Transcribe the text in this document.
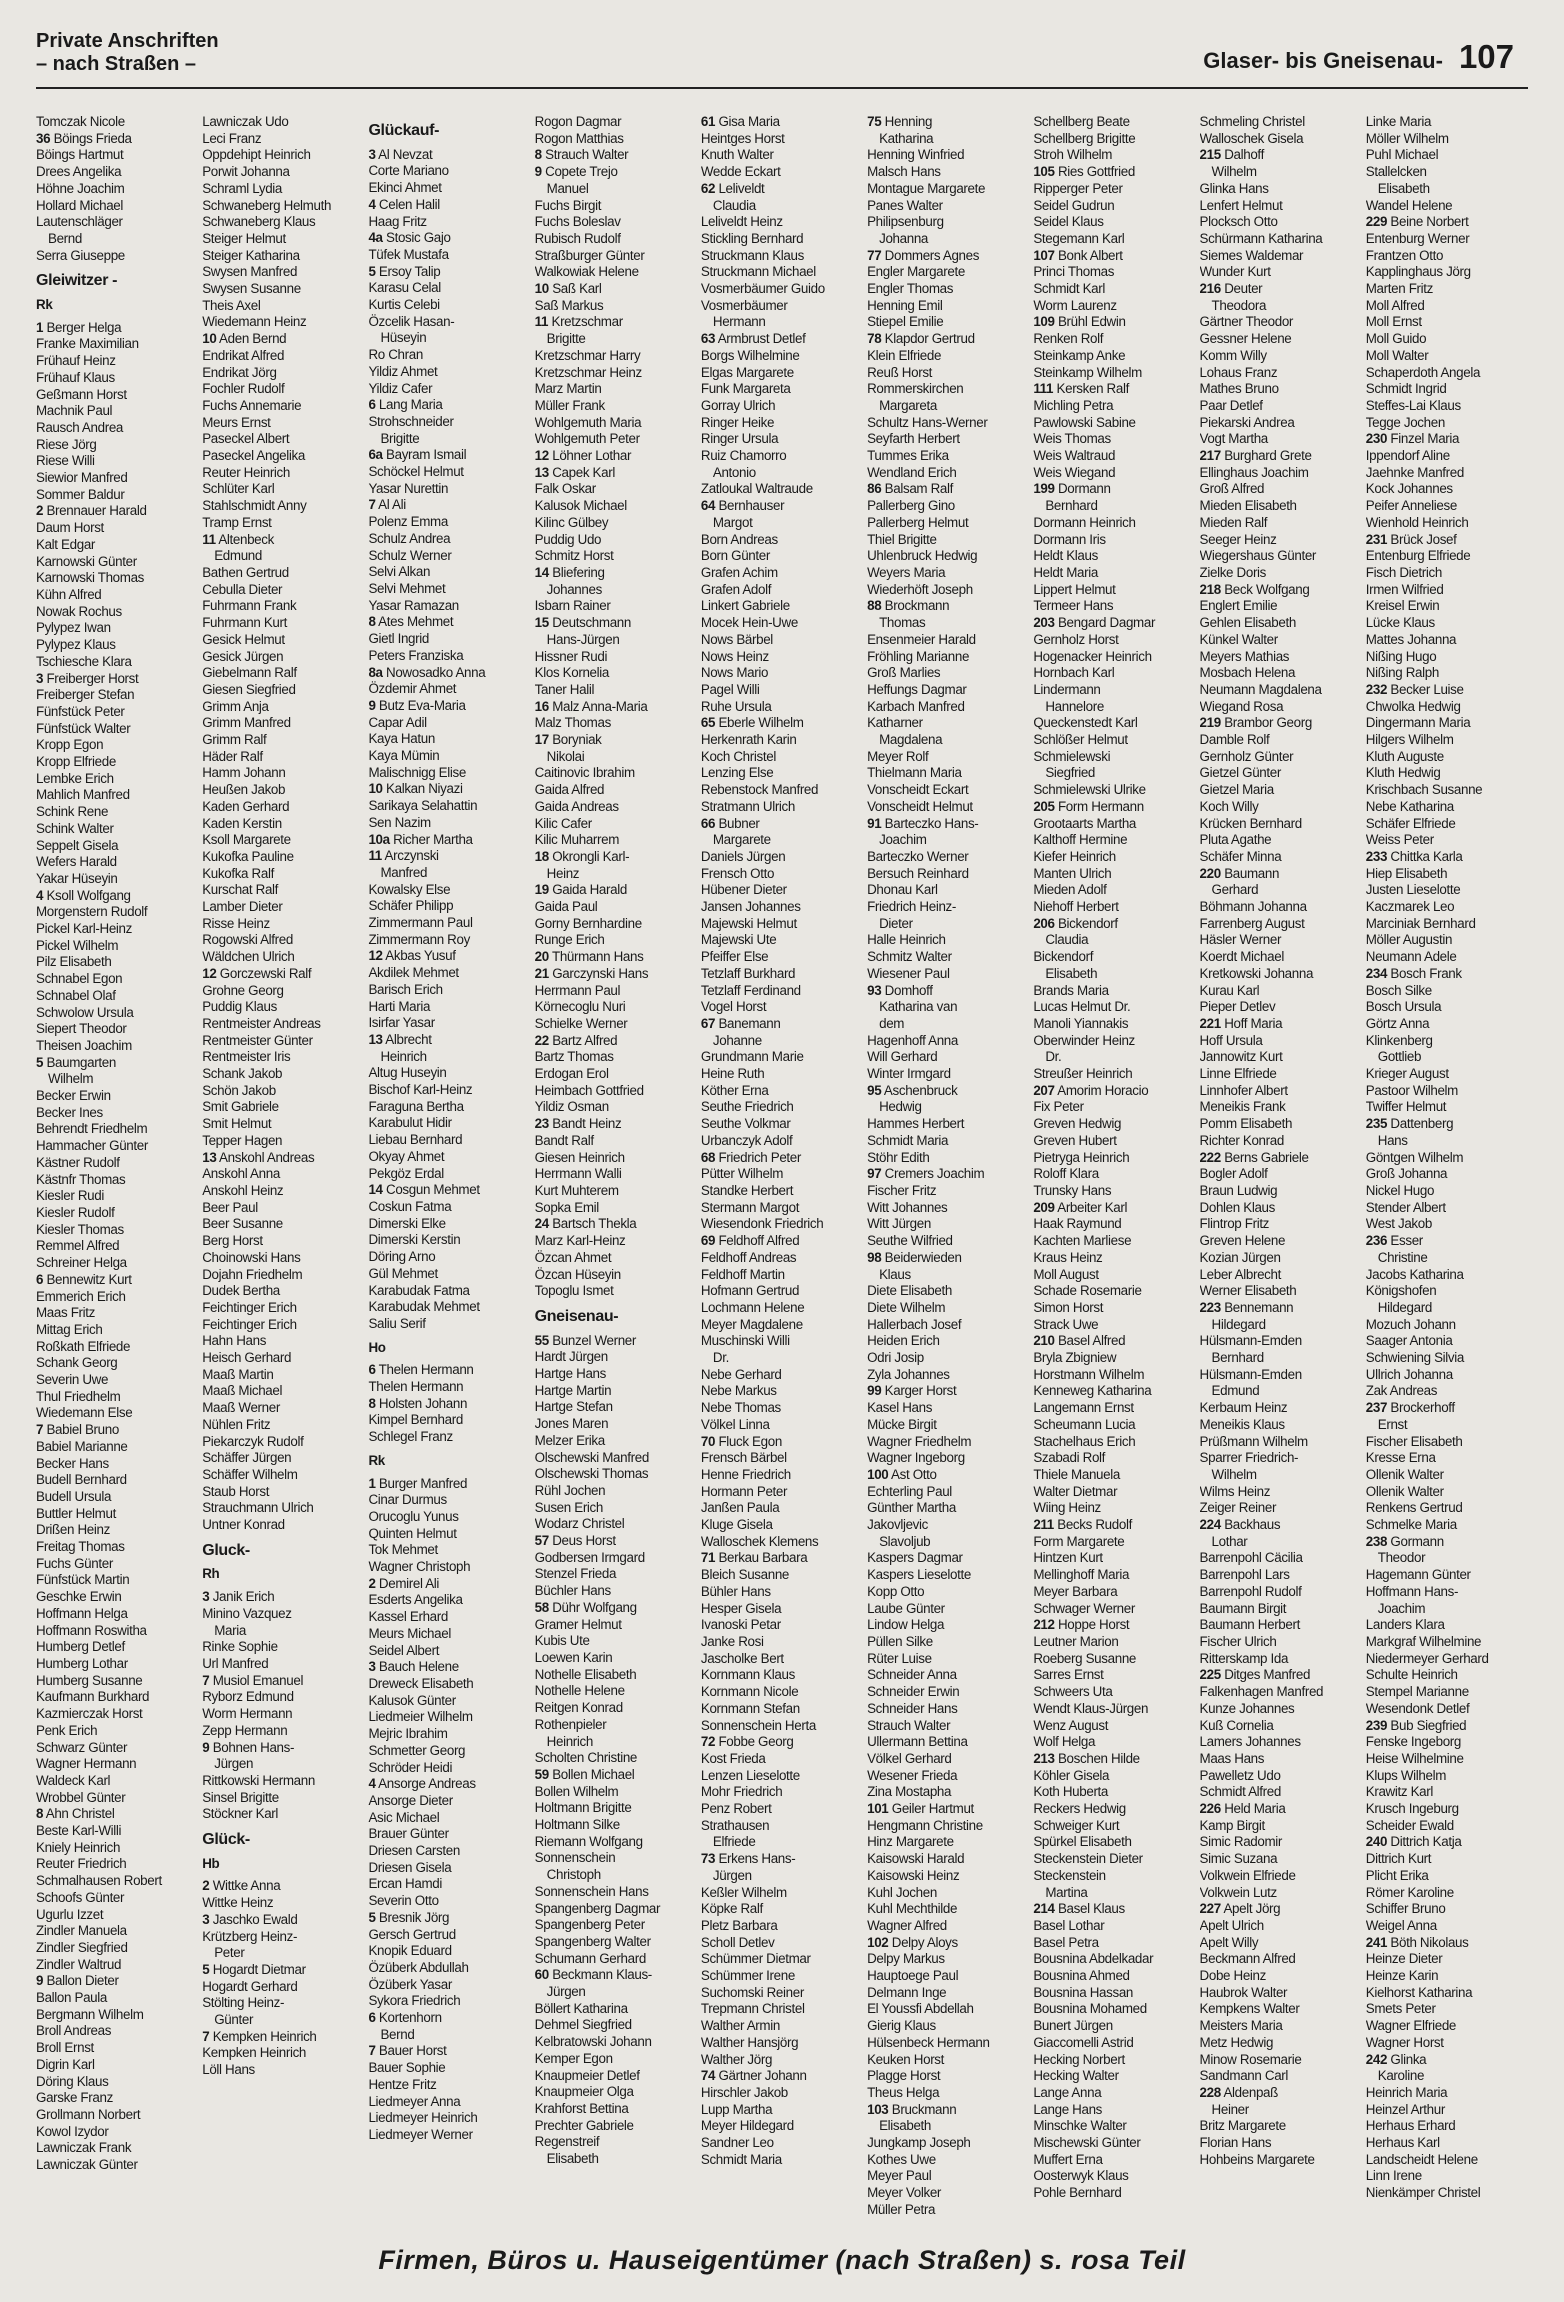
Private Anschriften
– nach Straßen –	Glaser- bis Gneisenau- 107
Tomczak Nicole
36 Böings Frieda
Böings Hartmut
Drees Angelika
Höhne Joachim
Hollard Michael
Lautenschläger
Bernd
Serra Giuseppe
Gleiwitzer -
Rk
1 Berger Helga
Franke Maximilian
Frühauf Heinz
Frühauf Klaus
Geßmann Horst
Machnik Paul
Rausch Andrea
Riese Jörg
Riese Willi
Siewior Manfred
Sommer Baldur
2 Brennauer Harald
Daum Horst
Kalt Edgar
Karnowski Günter
Karnowski Thomas
Kühn Alfred
Nowak Rochus
Pylypez Iwan
Pylypez Klaus
Tschiesche Klara
3 Freiberger Horst
Freiberger Stefan
Fünfstück Peter
Fünfstück Walter
Kropp Egon
Kropp Elfriede
Lembke Erich
Mahlich Manfred
Schink Rene
Schink Walter
Seppelt Gisela
Wefers Harald
Yakar Hüseyin
4 Ksoll Wolfgang
Morgenstern Rudolf
Pickel Karl-Heinz
Pickel Wilhelm
Pilz Elisabeth
Schnabel Egon
Schnabel Olaf
Schwolow Ursula
Siepert Theodor
Theisen Joachim
5 Baumgarten
Wilhelm
Becker Erwin
Becker Ines
Behrendt Friedhelm
Hammacher Günter
Kästner Rudolf
Kästnfr Thomas
Kiesler Rudi
Kiesler Rudolf
Kiesler Thomas
Remmel Alfred
Schreiner Helga
6 Bennewitz Kurt
Emmerich Erich
Maas Fritz
Mittag Erich
Roßkath Elfriede
Schank Georg
Severin Uwe
Thul Friedhelm
Wiedemann Else
7 Babiel Bruno
Babiel Marianne
Becker Hans
Budell Bernhard
Budell Ursula
Buttler Helmut
Drißen Heinz
Freitag Thomas
Fuchs Günter
Fünfstück Martin
Geschke Erwin
Hoffmann Helga
Hoffmann Roswitha
Humberg Detlef
Humberg Lothar
Humberg Susanne
Kaufmann Burkhard
Kazmierczak Horst
Penk Erich
Schwarz Günter
Wagner Hermann
Waldeck Karl
Wrobbel Günter
8 Ahn Christel
Beste Karl-Willi
Kniely Heinrich
Reuter Friedrich
Schmalhausen Robert
Schoofs Günter
Ugurlu Izzet
Zindler Manuela
Zindler Siegfried
Zindler Waltrud
9 Ballon Dieter
Ballon Paula
Bergmann Wilhelm
Broll Andreas
Broll Ernst
Digrin Karl
Döring Klaus
Garske Franz
Grollmann Norbert
Kowol Izydor
Lawniczak Frank
Lawniczak Günter
Lawniczak Udo
Leci Franz
Oppdehipt Heinrich
Porwit Johanna
Schraml Lydia
Schwaneberg Helmuth
Schwaneberg Klaus
Steiger Helmut
Steiger Katharina
Swysen Manfred
Swysen Susanne
Theis Axel
Wiedemann Heinz
10 Aden Bernd
Endrikat Alfred
Endrikat Jörg
Fochler Rudolf
Fuchs Annemarie
Meurs Ernst
Paseckel Albert
Paseckel Angelika
Reuter Heinrich
Schlüter Karl
Stahlschmidt Anny
Tramp Ernst
11 Altenbeck
Edmund
Bathen Gertrud
Cebulla Dieter
Fuhrmann Frank
Fuhrmann Kurt
Gesick Helmut
Gesick Jürgen
Giebelmann Ralf
Giesen Siegfried
Grimm Anja
Grimm Manfred
Grimm Ralf
Häder Ralf
Hamm Johann
Heußen Jakob
Kaden Gerhard
Kaden Kerstin
Ksoll Margarete
Kukofka Pauline
Kukofka Ralf
Kurschat Ralf
Lamber Dieter
Risse Heinz
Rogowski Alfred
Wäldchen Ulrich
12 Gorczewski Ralf
Grohne Georg
Puddig Klaus
Rentmeister Andreas
Rentmeister Günter
Rentmeister Iris
Schank Jakob
Schön Jakob
Smit Gabriele
Smit Helmut
Tepper Hagen
13 Anskohl Andreas
Anskohl Anna
Anskohl Heinz
Beer Paul
Beer Susanne
Berg Horst
Choinowski Hans
Dojahn Friedhelm
Dudek Bertha
Feichtinger Erich
Feichtinger Erich
Hahn Hans
Heisch Gerhard
Maaß Martin
Maaß Michael
Maaß Werner
Nühlen Fritz
Piekarczyk Rudolf
Schäffer Jürgen
Schäffer Wilhelm
Staub Horst
Strauchmann Ulrich
Untner Konrad
Gluck-
Rh
3 Janik Erich
Minino Vazquez
Maria
Rinke Sophie
Url Manfred
7 Musiol Emanuel
Ryborz Edmund
Worm Hermann
Zepp Hermann
9 Bohnen Hans-
Jürgen
Rittkowski Hermann
Sinsel Brigitte
Stöckner Karl
Glück-
Hb
2 Wittke Anna
Wittke Heinz
3 Jaschko Ewald
Krützberg Heinz-
Peter
5 Hogardt Dietmar
Hogardt Gerhard
Stölting Heinz-
Günter
7 Kempken Heinrich
Kempken Heinrich
Löll Hans
Glückauf-
3 Al Nevzat
Corte Mariano
Ekinci Ahmet
4 Celen Halil
Haag Fritz
4a Stosic Gajo
Tüfek Mustafa
5 Ersoy Talip
Karasu Celal
Kurtis Celebi
Özcelik Hasan-
Hüseyin
Ro Chran
Yildiz Ahmet
Yildiz Cafer
6 Lang Maria
Strohschneider
Brigitte
6a Bayram Ismail
Schöckel Helmut
Yasar Nurettin
7 Al Ali
Polenz Emma
Schulz Andrea
Schulz Werner
Selvi Alkan
Selvi Mehmet
Yasar Ramazan
8 Ates Mehmet
Gietl Ingrid
Peters Franziska
8a Nowosadko Anna
Özdemir Ahmet
9 Butz Eva-Maria
Capar Adil
Kaya Hatun
Kaya Mümin
Malischnigg Elise
10 Kalkan Niyazi
Sarikaya Selahattin
Sen Nazim
10a Richer Martha
11 Arczynski
Manfred
Kowalsky Else
Schäfer Philipp
Zimmermann Paul
Zimmermann Roy
12 Akbas Yusuf
Akdilek Mehmet
Barisch Erich
Harti Maria
Isirfar Yasar
13 Albrecht
Heinrich
Altug Huseyin
Bischof Karl-Heinz
Faraguna Bertha
Karabulut Hidir
Liebau Bernhard
Okyay Ahmet
Pekgöz Erdal
14 Cosgun Mehmet
Coskun Fatma
Dimerski Elke
Dimerski Kerstin
Döring Arno
Gül Mehmet
Karabudak Fatma
Karabudak Mehmet
Saliu Serif
Ho
6 Thelen Hermann
Thelen Hermann
8 Holsten Johann
Kimpel Bernhard
Schlegel Franz
Rk
1 Burger Manfred
Cinar Durmus
Orucoglu Yunus
Quinten Helmut
Tok Mehmet
Wagner Christoph
2 Demirel Ali
Esderts Angelika
Kassel Erhard
Meurs Michael
Seidel Albert
3 Bauch Helene
Dreweck Elisabeth
Kalusok Günter
Liedmeier Wilhelm
Mejric Ibrahim
Schmetter Georg
Schröder Heidi
4 Ansorge Andreas
Ansorge Dieter
Asic Michael
Brauer Günter
Driesen Carsten
Driesen Gisela
Ercan Hamdi
Severin Otto
5 Bresnik Jörg
Gersch Gertrud
Knopik Eduard
Özüberk Abdullah
Özüberk Yasar
Sykora Friedrich
6 Kortenhorn
Bernd
7 Bauer Horst
Bauer Sophie
Hentze Fritz
Liedmeyer Anna
Liedmeyer Heinrich
Liedmeyer Werner
Rogon Dagmar
Rogon Matthias
8 Strauch Walter
9 Copete Trejo
Manuel
Fuchs Birgit
Fuchs Boleslav
Rubisch Rudolf
Straßburger Günter
Walkowiak Helene
10 Saß Karl
Saß Markus
11 Kretzschmar
Brigitte
Kretzschmar Harry
Kretzschmar Heinz
Marz Martin
Müller Frank
Wohlgemuth Maria
Wohlgemuth Peter
12 Löhner Lothar
13 Capek Karl
Falk Oskar
Kalusok Michael
Kilinc Gülbey
Puddig Udo
Schmitz Horst
14 Bliefering
Johannes
Isbarn Rainer
15 Deutschmann
Hans-Jürgen
Hissner Rudi
Klos Kornelia
Taner Halil
16 Malz Anna-Maria
Malz Thomas
17 Boryniak
Nikolai
Caitinovic Ibrahim
Gaida Alfred
Gaida Andreas
Kilic Cafer
Kilic Muharrem
18 Okrongli Karl-
Heinz
19 Gaida Harald
Gaida Paul
Gorny Bernhardine
Runge Erich
20 Thürmann Hans
21 Garczynski Hans
Herrmann Paul
Körnecoglu Nuri
Schielke Werner
22 Bartz Alfred
Bartz Thomas
Erdogan Erol
Heimbach Gottfried
Yildiz Osman
23 Bandt Heinz
Bandt Ralf
Giesen Heinrich
Herrmann Walli
Kurt Muhterem
Sopka Emil
24 Bartsch Thekla
Marz Karl-Heinz
Özcan Ahmet
Özcan Hüseyin
Topoglu Ismet
Gneisenau-
55 Bunzel Werner
Hardt Jürgen
Hartge Hans
Hartge Martin
Hartge Stefan
Jones Maren
Melzer Erika
Olschewski Manfred
Olschewski Thomas
Rühl Jochen
Susen Erich
Wodarz Christel
57 Deus Horst
Godbersen Irmgard
Stenzel Frieda
Büchler Hans
58 Dühr Wolfgang
Gramer Helmut
Kubis Ute
Loewen Karin
Nothelle Elisabeth
Nothelle Helene
Reitgen Konrad
Rothenpieler
Heinrich
Scholten Christine
59 Bollen Michael
Bollen Wilhelm
Holtmann Brigitte
Holtmann Silke
Riemann Wolfgang
Sonnenschein
Christoph
Sonnenschein Hans
Spangenberg Dagmar
Spangenberg Peter
Spangenberg Walter
Schumann Gerhard
60 Beckmann Klaus-
Jürgen
Böllert Katharina
Dehmel Siegfried
Kelbratowski Johann
Kemper Egon
Knaupmeier Detlef
Knaupmeier Olga
Krahforst Bettina
Prechter Gabriele
Regenstreif
Elisabeth
61 Gisa Maria
Heintges Horst
Knuth Walter
Wedde Eckart
62 Leliveldt
Claudia
Leliveldt Heinz
Stickling Bernhard
Struckmann Klaus
Struckmann Michael
Vosmerbäumer Guido
Vosmerbäumer
Hermann
63 Armbrust Detlef
Borgs Wilhelmine
Elgas Margarete
Funk Margareta
Gorray Ulrich
Ringer Heike
Ringer Ursula
Ruiz Chamorro
Antonio
Zatloukal Waltraude
64 Bernhauser
Margot
Born Andreas
Born Günter
Grafen Achim
Grafen Adolf
Linkert Gabriele
Mocek Hein-Uwe
Nows Bärbel
Nows Heinz
Nows Mario
Pagel Willi
Ruhe Ursula
65 Eberle Wilhelm
Herkenrath Karin
Koch Christel
Lenzing Else
Rebenstock Manfred
Stratmann Ulrich
66 Bubner
Margarete
Daniels Jürgen
Frensch Otto
Hübener Dieter
Jansen Johannes
Majewski Helmut
Majewski Ute
Pfeiffer Else
Tetzlaff Burkhard
Tetzlaff Ferdinand
Vogel Horst
67 Banemann
Johanne
Grundmann Marie
Heine Ruth
Köther Erna
Seuthe Friedrich
Seuthe Volkmar
Urbanczyk Adolf
68 Friedrich Peter
Pütter Wilhelm
Standke Herbert
Stermann Margot
Wiesendonk Friedrich
69 Feldhoff Alfred
Feldhoff Andreas
Feldhoff Martin
Hofmann Gertrud
Lochmann Helene
Meyer Magdalene
Muschinski Willi
Dr.
Nebe Gerhard
Nebe Markus
Nebe Thomas
Völkel Linna
70 Fluck Egon
Frensch Bärbel
Henne Friedrich
Hormann Peter
Janßen Paula
Kluge Gisela
Walloschek Klemens
71 Berkau Barbara
Bleich Susanne
Bühler Hans
Hesper Gisela
Ivanoski Petar
Janke Rosi
Jascholke Bert
Kornmann Klaus
Kornmann Nicole
Kornmann Stefan
Sonnenschein Herta
72 Fobbe Georg
Kost Frieda
Lenzen Lieselotte
Mohr Friedrich
Penz Robert
Strathausen
Elfriede
73 Erkens Hans-
Jürgen
Keßler Wilhelm
Köpke Ralf
Pletz Barbara
Scholl Detlev
Schümmer Dietmar
Schümmer Irene
Suchomski Reiner
Trepmann Christel
Walther Armin
Walther Hansjörg
Walther Jörg
74 Gärtner Johann
Hirschler Jakob
Lupp Martha
Meyer Hildegard
Sandner Leo
Schmidt Maria
75 Henning
Katharina
Henning Winfried
Malsch Hans
Montague Margarete
Panes Walter
Philipsenburg
Johanna
77 Dommers Agnes
Engler Margarete
Engler Thomas
Henning Emil
Stiepel Emilie
78 Klapdor Gertrud
Klein Elfriede
Reuß Horst
Rommerskirchen
Margareta
Schultz Hans-Werner
Seyfarth Herbert
Tummes Erika
Wendland Erich
86 Balsam Ralf
Pallerberg Gino
Pallerberg Helmut
Thiel Brigitte
Uhlenbruck Hedwig
Weyers Maria
Wiederhöft Joseph
88 Brockmann
Thomas
Ensenmeier Harald
Fröhling Marianne
Groß Marlies
Heffungs Dagmar
Karbach Manfred
Katharner
Magdalena
Meyer Rolf
Thielmann Maria
Vonscheidt Eckart
Vonscheidt Helmut
91 Barteczko Hans-
Joachim
Barteczko Werner
Bersuch Reinhard
Dhonau Karl
Friedrich Heinz-
Dieter
Halle Heinrich
Schmitz Walter
Wiesener Paul
93 Domhoff
Katharina van
dem
Hagenhoff Anna
Will Gerhard
Winter Irmgard
95 Aschenbruck
Hedwig
Hammes Herbert
Schmidt Maria
Stöhr Edith
97 Cremers Joachim
Fischer Fritz
Witt Johannes
Witt Jürgen
Seuthe Wilfried
98 Beiderwieden
Klaus
Diete Elisabeth
Diete Wilhelm
Hallerbach Josef
Heiden Erich
Odri Josip
Zyla Johannes
99 Karger Horst
Kasel Hans
Mücke Birgit
Wagner Friedhelm
Wagner Ingeborg
100 Ast Otto
Echterling Paul
Günther Martha
Jakovljevic
Slavoljub
Kaspers Dagmar
Kaspers Lieselotte
Kopp Otto
Laube Günter
Lindow Helga
Püllen Silke
Rüter Luise
Schneider Anna
Schneider Erwin
Schneider Hans
Strauch Walter
Ullermann Bettina
Völkel Gerhard
Wesener Frieda
Zina Mostapha
101 Geiler Hartmut
Hengmann Christine
Hinz Margarete
Kaisowski Harald
Kaisowski Heinz
Kuhl Jochen
Kuhl Mechthilde
Wagner Alfred
102 Delpy Aloys
Delpy Markus
Hauptoege Paul
Delmann Inge
El Youssfi Abdellah
Gierig Klaus
Hülsenbeck Hermann
Keuken Horst
Plagge Horst
Theus Helga
103 Bruckmann
Elisabeth
Jungkamp Joseph
Kothes Uwe
Meyer Paul
Meyer Volker
Müller Petra
Schellberg Beate
Schellberg Brigitte
Stroh Wilhelm
105 Ries Gottfried
Ripperger Peter
Seidel Gudrun
Seidel Klaus
Stegemann Karl
107 Bonk Albert
Princi Thomas
Schmidt Karl
Worm Laurenz
109 Brühl Edwin
Renken Rolf
Steinkamp Anke
Steinkamp Wilhelm
111 Kersken Ralf
Michling Petra
Pawlowski Sabine
Weis Thomas
Weis Waltraud
Weis Wiegand
199 Dormann
Bernhard
Dormann Heinrich
Dormann Iris
Heldt Klaus
Heldt Maria
Lippert Helmut
Termeer Hans
203 Bengard Dagmar
Gernholz Horst
Hogenacker Heinrich
Hornbach Karl
Lindermann
Hannelore
Queckenstedt Karl
Schlößer Helmut
Schmielewski
Siegfried
Schmielewski Ulrike
205 Form Hermann
Grootaarts Martha
Kalthoff Hermine
Kiefer Heinrich
Manten Ulrich
Mieden Adolf
Niehoff Herbert
206 Bickendorf
Claudia
Bickendorf
Elisabeth
Brands Maria
Lucas Helmut Dr.
Manoli Yiannakis
Oberwinder Heinz
Dr.
Streußer Heinrich
207 Amorim Horacio
Fix Peter
Greven Hedwig
Greven Hubert
Pietryga Heinrich
Roloff Klara
Trunsky Hans
209 Arbeiter Karl
Haak Raymund
Kachten Marliese
Kraus Heinz
Moll August
Schade Rosemarie
Simon Horst
Strack Uwe
210 Basel Alfred
Bryla Zbigniew
Horstmann Wilhelm
Kenneweg Katharina
Langemann Ernst
Scheumann Lucia
Stachelhaus Erich
Szabadi Rolf
Thiele Manuela
Walter Dietmar
Wiing Heinz
211 Becks Rudolf
Form Margarete
Hintzen Kurt
Mellinghoff Maria
Meyer Barbara
Schwager Werner
212 Hoppe Horst
Leutner Marion
Roeberg Susanne
Sarres Ernst
Schweers Uta
Wendt Klaus-Jürgen
Wenz August
Wolf Helga
213 Boschen Hilde
Köhler Gisela
Koth Huberta
Reckers Hedwig
Schweiger Kurt
Spürkel Elisabeth
Steckenstein Dieter
Steckenstein
Martina
214 Basel Klaus
Basel Lothar
Basel Petra
Bousnina Abdelkadar
Bousnina Ahmed
Bousnina Hassan
Bousnina Mohamed
Bunert Jürgen
Giaccomelli Astrid
Hecking Norbert
Hecking Walter
Lange Anna
Lange Hans
Minschke Walter
Mischewski Günter
Muffert Erna
Oosterwyk Klaus
Pohle Bernhard
Schmeling Christel
Walloschek Gisela
215 Dalhoff
Wilhelm
Glinka Hans
Lenfert Helmut
Plocksch Otto
Schürmann Katharina
Siemes Waldemar
Wunder Kurt
216 Deuter
Theodora
Gärtner Theodor
Gessner Helene
Komm Willy
Lohaus Franz
Mathes Bruno
Paar Detlef
Piekarski Andrea
Vogt Martha
217 Burghard Grete
Ellinghaus Joachim
Groß Alfred
Mieden Elisabeth
Mieden Ralf
Seeger Heinz
Wiegershaus Günter
Zielke Doris
218 Beck Wolfgang
Englert Emilie
Gehlen Elisabeth
Künkel Walter
Meyers Mathias
Mosbach Helena
Neumann Magdalena
Wiegand Rosa
219 Brambor Georg
Damble Rolf
Gernholz Günter
Gietzel Günter
Gietzel Maria
Koch Willy
Krücken Bernhard
Pluta Agathe
Schäfer Minna
220 Baumann
Gerhard
Böhmann Johanna
Farrenberg August
Häsler Werner
Koerdt Michael
Kretkowski Johanna
Kurau Karl
Pieper Detlev
221 Hoff Maria
Hoff Ursula
Jannowitz Kurt
Linne Elfriede
Linnhofer Albert
Meneikis Frank
Pomm Elisabeth
Richter Konrad
222 Berns Gabriele
Bogler Adolf
Braun Ludwig
Dohlen Klaus
Flintrop Fritz
Greven Helene
Kozian Jürgen
Leber Albrecht
Werner Elisabeth
223 Bennemann
Hildegard
Hülsmann-Emden
Bernhard
Hülsmann-Emden
Edmund
Kerbaum Heinz
Meneikis Klaus
Prüßmann Wilhelm
Sparrer Friedrich-
Wilhelm
Wilms Heinz
Zeiger Reiner
224 Backhaus
Lothar
Barrenpohl Cäcilia
Barrenpohl Lars
Barrenpohl Rudolf
Baumann Birgit
Baumann Herbert
Fischer Ulrich
Ritterskamp Ida
225 Ditges Manfred
Falkenhagen Manfred
Kunze Johannes
Kuß Cornelia
Lamers Johannes
Maas Hans
Pawelletz Udo
Schmidt Alfred
226 Held Maria
Kamp Birgit
Simic Radomir
Simic Suzana
Volkwein Elfriede
Volkwein Lutz
227 Apelt Jörg
Apelt Ulrich
Apelt Willy
Beckmann Alfred
Dobe Heinz
Haubrok Walter
Kempkens Walter
Meisters Maria
Metz Hedwig
Minow Rosemarie
Sandmann Carl
228 Aldenpaß
Heiner
Britz Margarete
Florian Hans
Hohbeins Margarete
Linke Maria
Möller Wilhelm
Puhl Michael
Stallelcken
Elisabeth
Wandel Helene
229 Beine Norbert
Entenburg Werner
Frantzen Otto
Kapplinghaus Jörg
Marten Fritz
Moll Alfred
Moll Ernst
Moll Guido
Moll Walter
Schaperdoth Angela
Schmidt Ingrid
Steffes-Lai Klaus
Tegge Jochen
230 Finzel Maria
Ippendorf Aline
Jaehnke Manfred
Kock Johannes
Peifer Anneliese
Wienhold Heinrich
231 Brück Josef
Entenburg Elfriede
Fisch Dietrich
Irmen Wilfried
Kreisel Erwin
Lücke Klaus
Mattes Johanna
Nißing Hugo
Nißing Ralph
232 Becker Luise
Chwolka Hedwig
Dingermann Maria
Hilgers Wilhelm
Kluth Auguste
Kluth Hedwig
Krischbach Susanne
Nebe Katharina
Schäfer Elfriede
Weiss Peter
233 Chittka Karla
Hiep Elisabeth
Justen Lieselotte
Kaczmarek Leo
Marciniak Bernhard
Möller Augustin
Neumann Adele
234 Bosch Frank
Bosch Silke
Bosch Ursula
Görtz Anna
Klinkenberg
Gottlieb
Krieger August
Pastoor Wilhelm
Twiffer Helmut
235 Dattenberg
Hans
Göntgen Wilhelm
Groß Johanna
Nickel Hugo
Stender Albert
West Jakob
236 Esser
Christine
Jacobs Katharina
Königshofen
Hildegard
Mozuch Johann
Saager Antonia
Schwiening Silvia
Ullrich Johanna
Zak Andreas
237 Brockerhoff
Ernst
Fischer Elisabeth
Kresse Erna
Ollenik Walter
Ollenik Walter
Renkens Gertrud
Schmelke Maria
238 Gormann
Theodor
Hagemann Günter
Hoffmann Hans-
Joachim
Landers Klara
Markgraf Wilhelmine
Niedermeyer Gerhard
Schulte Heinrich
Stempel Marianne
Wesendonk Detlef
239 Bub Siegfried
Fenske Ingeborg
Heise Wilhelmine
Klups Wilhelm
Krawitz Karl
Krusch Ingeburg
Scheider Ewald
240 Dittrich Katja
Dittrich Kurt
Plicht Erika
Römer Karoline
Schiffer Bruno
Weigel Anna
241 Böth Nikolaus
Heinze Dieter
Heinze Karin
Kielhorst Katharina
Smets Peter
Wagner Elfriede
Wagner Horst
242 Glinka
Karoline
Heinrich Maria
Heinzel Arthur
Herhaus Erhard
Herhaus Karl
Landscheidt Helene
Linn Irene
Nienkämper Christel
Firmen, Büros u. Hauseigentümer (nach Straßen) s. rosa Teil
